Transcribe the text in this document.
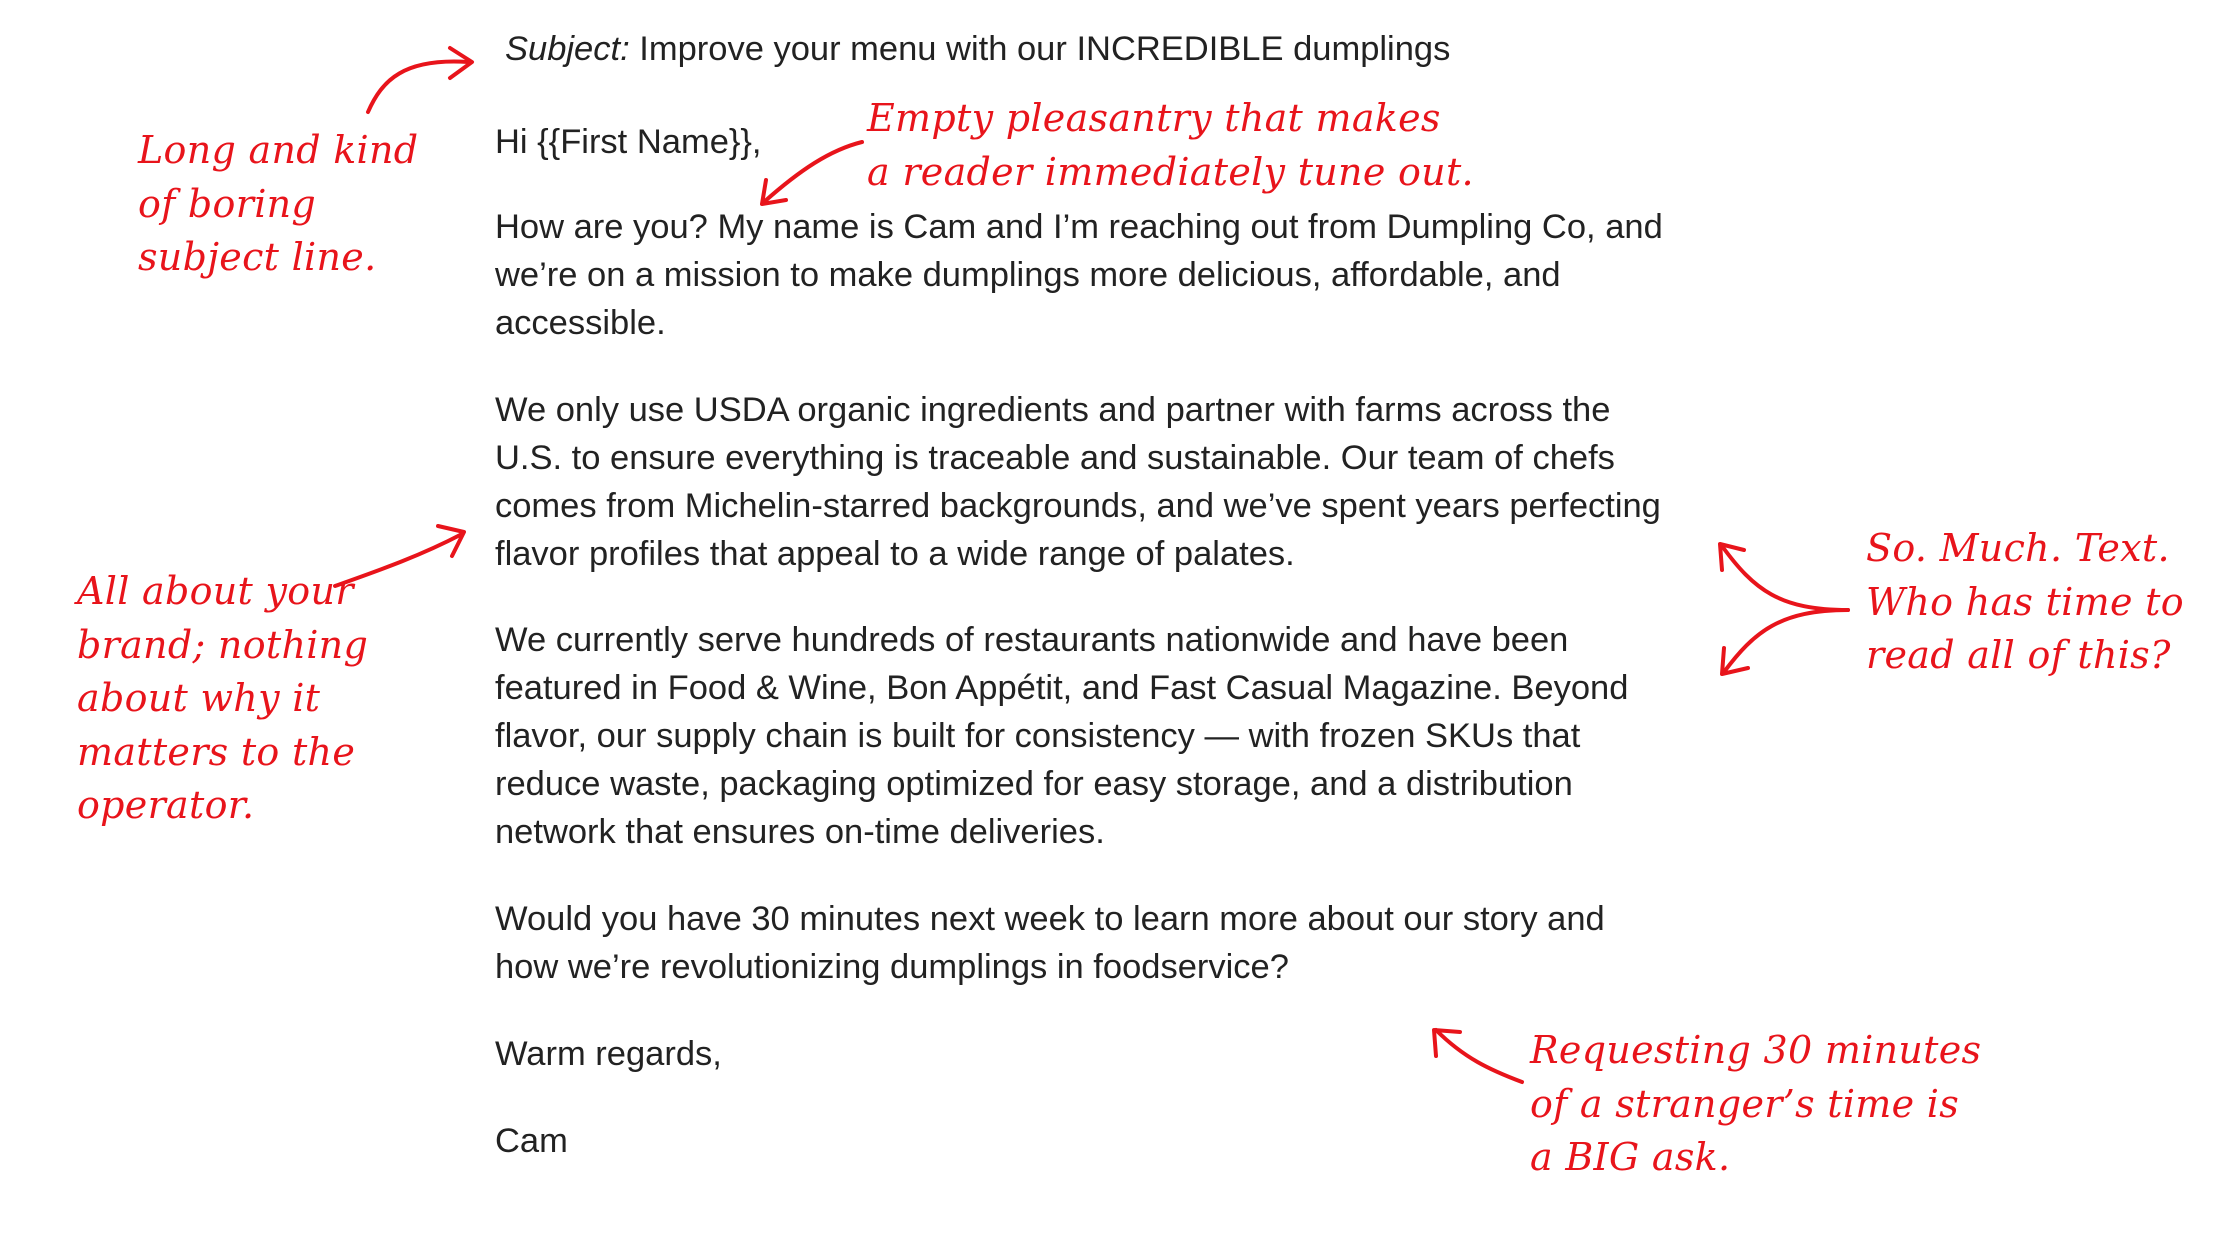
Subject: Improve your menu with our INCREDIBLE dumplings
Hi {{First Name}},
How are you? My name is Cam and I’m reaching out from Dumpling Co, and
we’re on a mission to make dumplings more delicious, affordable, and
accessible.
We only use USDA organic ingredients and partner with farms across the
U.S. to ensure everything is traceable and sustainable. Our team of chefs
comes from Michelin-starred backgrounds, and we’ve spent years perfecting
flavor profiles that appeal to a wide range of palates.
We currently serve hundreds of restaurants nationwide and have been
featured in Food & Wine, Bon Appétit, and Fast Casual Magazine. Beyond
flavor, our supply chain is built for consistency — with frozen SKUs that
reduce waste, packaging optimized for easy storage, and a distribution
network that ensures on-time deliveries.
Would you have 30 minutes next week to learn more about our story and
how we’re revolutionizing dumplings in foodservice?
Warm regards,
Cam
Long and kind
of boring
subject line.
Empty pleasantry that makes
a reader immediately tune out.
All about your
brand; nothing
about why it
matters to the
operator.
So. Much. Text.
Who has time to
read all of this?
Requesting 30 minutes
of a stranger’s time is
a BIG ask.
